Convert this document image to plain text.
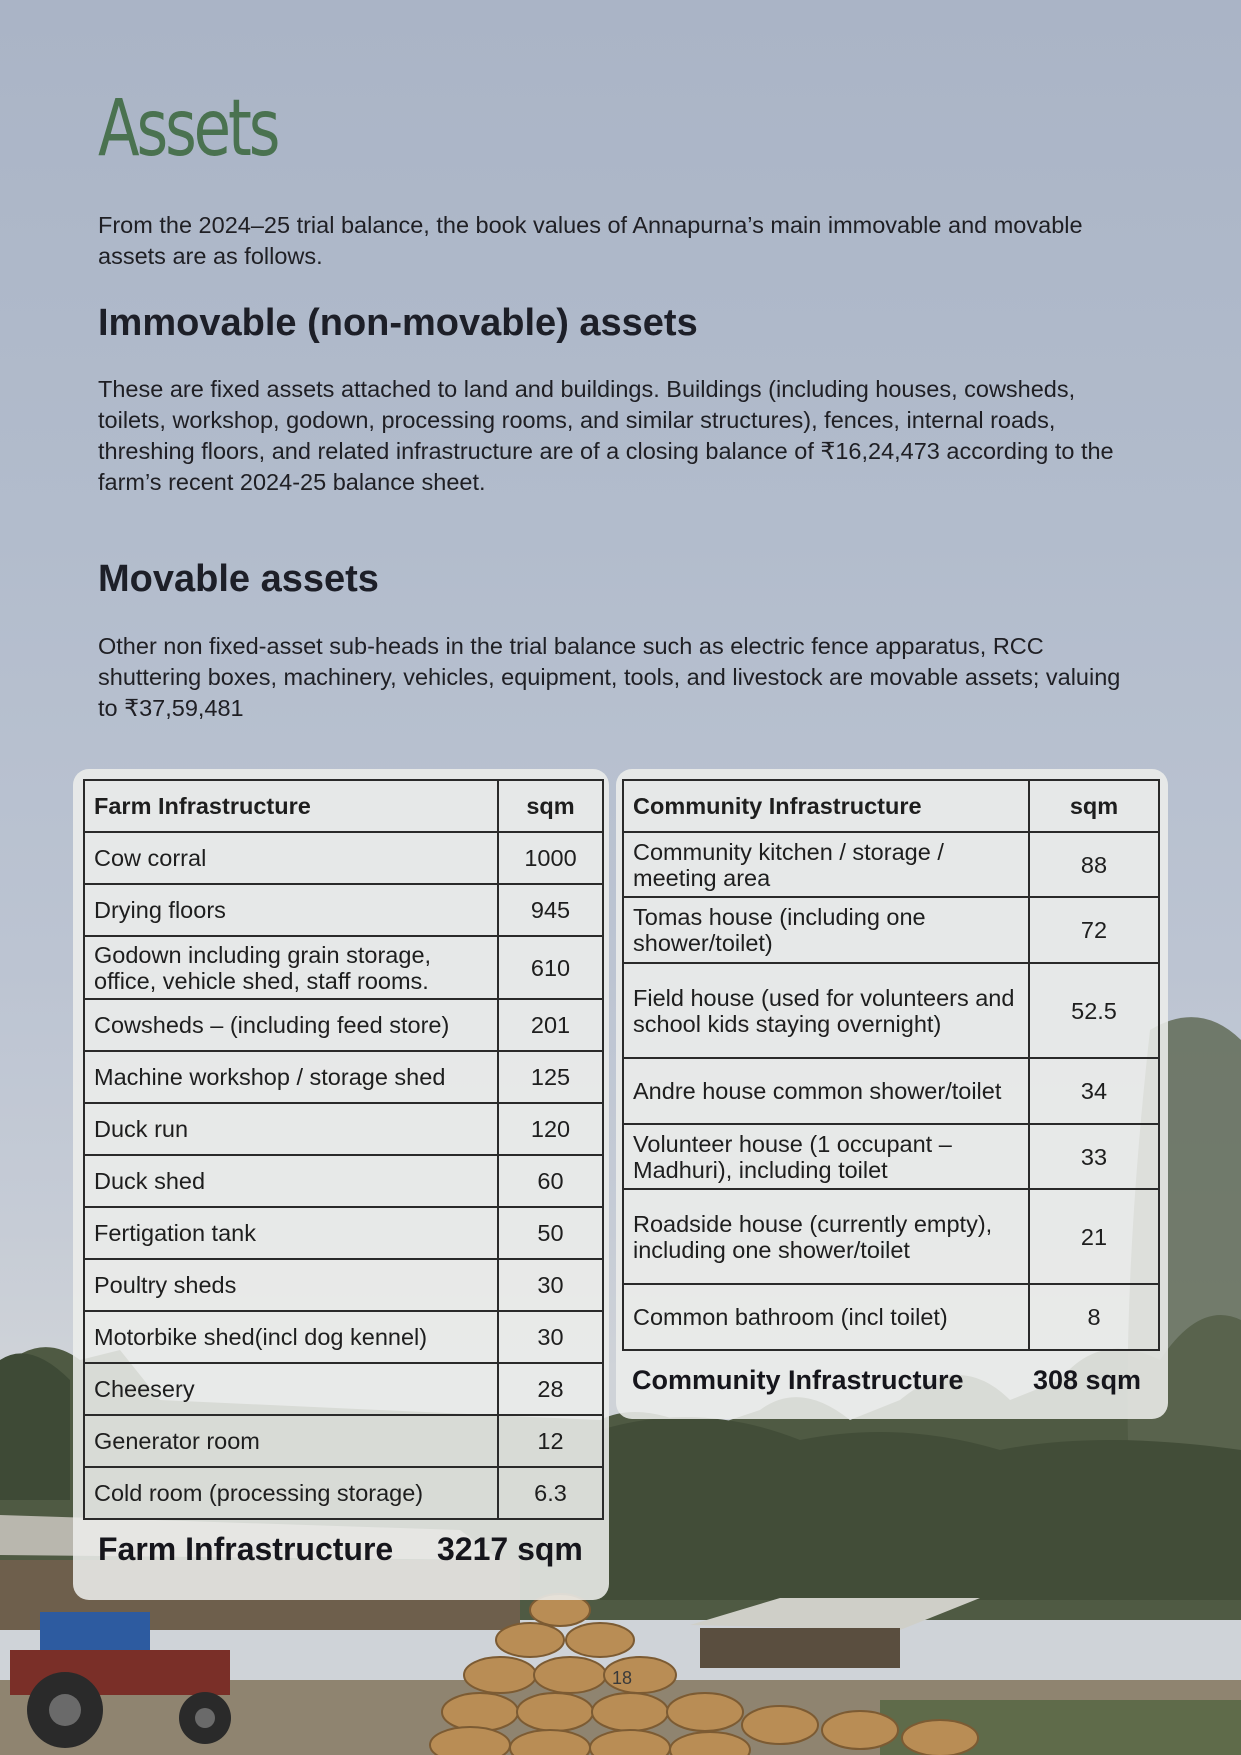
Assets

From the 2024–25 trial balance, the book values of Annapurna’s main immovable and movable assets are as follows.

Immovable (non-movable) assets

These are fixed assets attached to land and buildings. Buildings (including houses, cowsheds, toilets, workshop, godown, processing rooms, and similar structures), fences, internal roads, threshing floors, and related infrastructure are of a closing balance of ₹16,24,473 according to the farm’s recent 2024-25 balance sheet.

Movable assets

Other non fixed-asset sub-heads in the trial balance such as electric fence apparatus, RCC shuttering boxes, machinery, vehicles, equipment, tools, and livestock are movable assets; valuing to ₹37,59,481

Farm Infrastructure	sqm
Cow corral	1000
Drying floors	945
Godown including grain storage, office, vehicle shed, staff rooms.	610
Cowsheds – (including feed store)	201
Machine workshop / storage shed	125
Duck run	120
Duck shed	60
Fertigation tank	50
Poultry sheds	30
Motorbike shed(incl dog kennel)	30
Cheesery	28
Generator room	12
Cold room (processing storage)	6.3
Farm Infrastructure 3217 sqm
Community Infrastructure	sqm
Community kitchen / storage / meeting area	88
Tomas house (including one shower/toilet)	72
Field house (used for volunteers and school kids staying overnight)	52.5
Andre house common shower/toilet	34
Volunteer house (1 occupant – Madhuri), including toilet	33
Roadside house (currently empty), including one shower/toilet	21
Common bathroom (incl toilet)	8
Community Infrastructure	308 sqm
18
